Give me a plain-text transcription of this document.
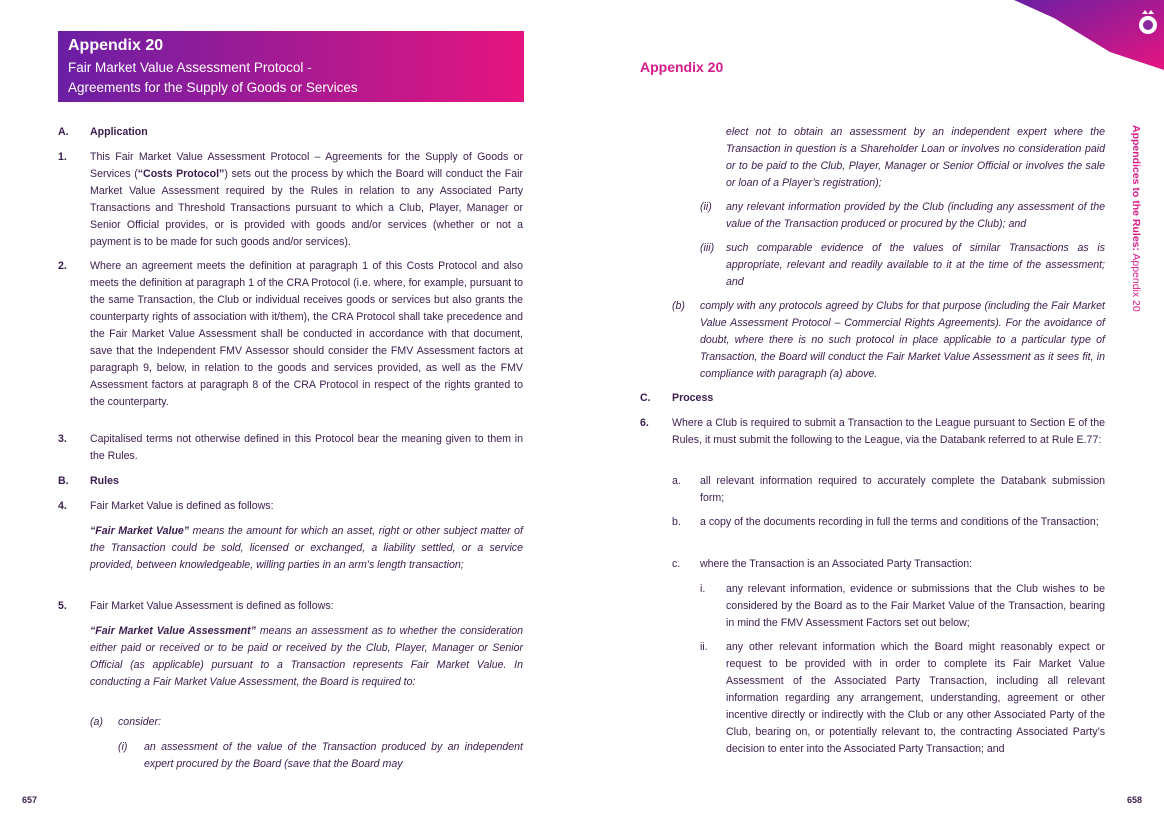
Appendix 20
Fair Market Value Assessment Protocol -
Agreements for the Supply of Goods or Services
Appendix 20
Appendices to the Rules: Appendix 20
A. Application
1. This Fair Market Value Assessment Protocol – Agreements for the Supply of Goods or Services (“Costs Protocol”) sets out the process by which the Board will conduct the Fair Market Value Assessment required by the Rules in relation to any Associated Party Transactions and Threshold Transactions pursuant to which a Club, Player, Manager or Senior Official provides, or is provided with goods and/or services (whether or not a payment is to be made for such goods and/or services).
2. Where an agreement meets the definition at paragraph 1 of this Costs Protocol and also meets the definition at paragraph 1 of the CRA Protocol (i.e. where, for example, pursuant to the same Transaction, the Club or individual receives goods or services but also grants the counterparty rights of association with it/them), the CRA Protocol shall take precedence and the Fair Market Value Assessment shall be conducted in accordance with that document, save that the Independent FMV Assessor should consider the FMV Assessment factors at paragraph 9, below, in relation to the goods and services provided, as well as the FMV Assessment factors at paragraph 8 of the CRA Protocol in respect of the rights granted to the counterparty.
3. Capitalised terms not otherwise defined in this Protocol bear the meaning given to them in the Rules.
B. Rules
4. Fair Market Value is defined as follows:
“Fair Market Value” means the amount for which an asset, right or other subject matter of the Transaction could be sold, licensed or exchanged, a liability settled, or a service provided, between knowledgeable, willing parties in an arm’s length transaction;
5. Fair Market Value Assessment is defined as follows:
“Fair Market Value Assessment” means an assessment as to whether the consideration either paid or received or to be paid or received by the Club, Player, Manager or Senior Official (as applicable) pursuant to a Transaction represents Fair Market Value. In conducting a Fair Market Value Assessment, the Board is required to:
(a) consider:
(i) an assessment of the value of the Transaction produced by an independent expert procured by the Board (save that the Board may
elect not to obtain an assessment by an independent expert where the Transaction in question is a Shareholder Loan or involves no consideration paid or to be paid to the Club, Player, Manager or Senior Official or involves the sale or loan of a Player’s registration);
(ii) any relevant information provided by the Club (including any assessment of the value of the Transaction produced or procured by the Club); and
(iii) such comparable evidence of the values of similar Transactions as is appropriate, relevant and readily available to it at the time of the assessment; and
(b) comply with any protocols agreed by Clubs for that purpose (including the Fair Market Value Assessment Protocol – Commercial Rights Agreements). For the avoidance of doubt, where there is no such protocol in place applicable to a particular type of Transaction, the Board will conduct the Fair Market Value Assessment as it sees fit, in compliance with paragraph (a) above.
C. Process
6. Where a Club is required to submit a Transaction to the League pursuant to Section E of the Rules, it must submit the following to the League, via the Databank referred to at Rule E.77:
a. all relevant information required to accurately complete the Databank submission form;
b. a copy of the documents recording in full the terms and conditions of the Transaction;
c. where the Transaction is an Associated Party Transaction:
i. any relevant information, evidence or submissions that the Club wishes to be considered by the Board as to the Fair Market Value of the Transaction, bearing in mind the FMV Assessment Factors set out below;
ii. any other relevant information which the Board might reasonably expect or request to be provided with in order to complete its Fair Market Value Assessment of the Associated Party Transaction, including all relevant information regarding any arrangement, understanding, agreement or other incentive directly or indirectly with the Club or any other Associated Party of the Club, bearing on, or potentially relevant to, the contracting Associated Party’s decision to enter into the Associated Party Transaction; and
657	658
